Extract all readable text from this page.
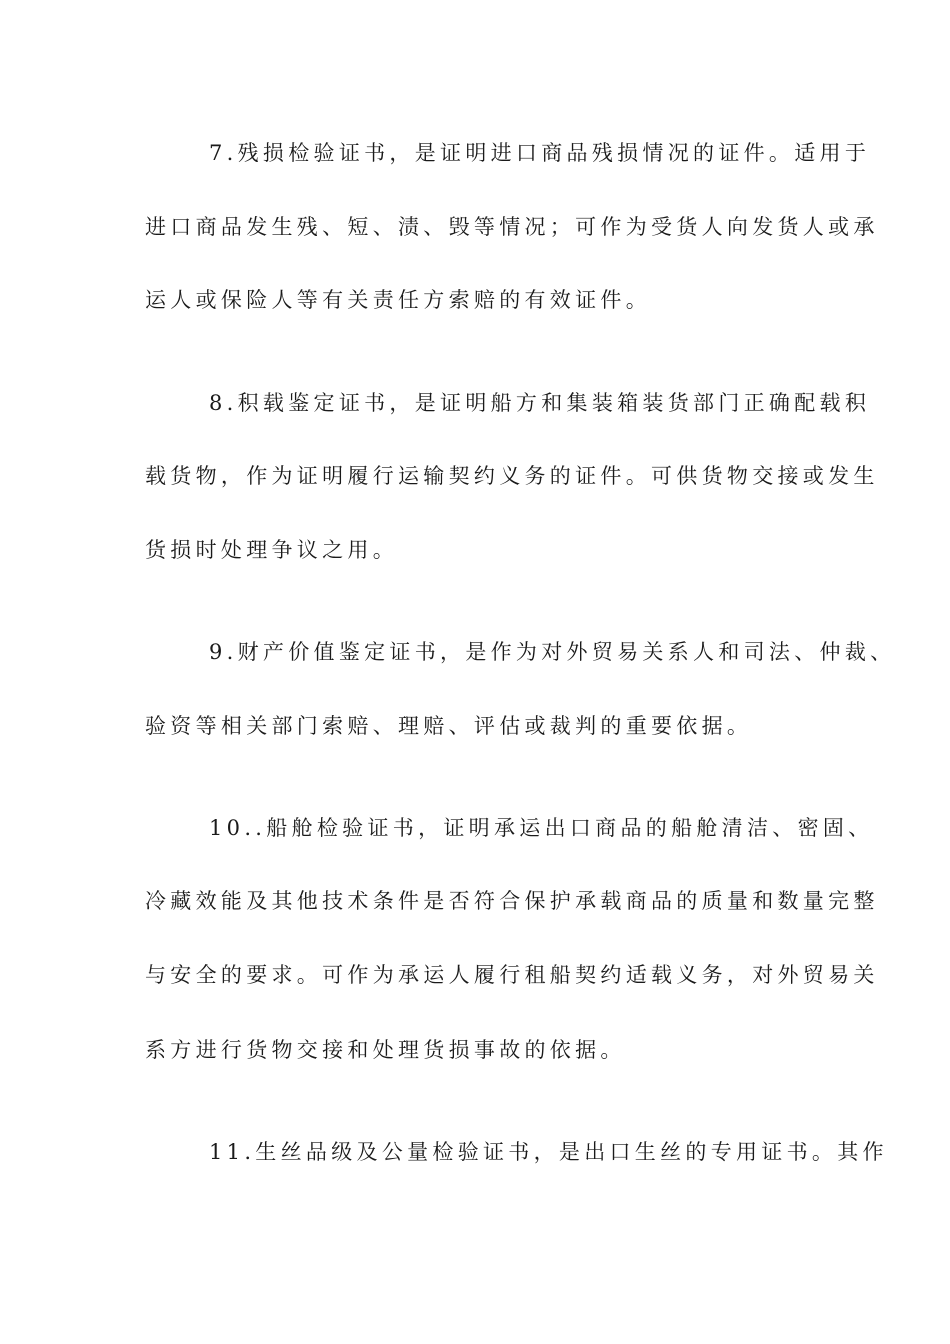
7.残损检验证书，是证明进口商品残损情况的证件。适用于
进口商品发生残、短、渍、毁等情况；可作为受货人向发货人或承
运人或保险人等有关责任方索赔的有效证件。
8.积载鉴定证书，是证明船方和集装箱装货部门正确配载积
载货物，作为证明履行运输契约义务的证件。可供货物交接或发生
货损时处理争议之用。
9.财产价值鉴定证书，是作为对外贸易关系人和司法、仲裁、
验资等相关部门索赔、理赔、评估或裁判的重要依据。
10..船舱检验证书，证明承运出口商品的船舱清洁、密固、
冷藏效能及其他技术条件是否符合保护承载商品的质量和数量完整
与安全的要求。可作为承运人履行租船契约适载义务，对外贸易关
系方进行货物交接和处理货损事故的依据。
11.生丝品级及公量检验证书，是出口生丝的专用证书。其作
